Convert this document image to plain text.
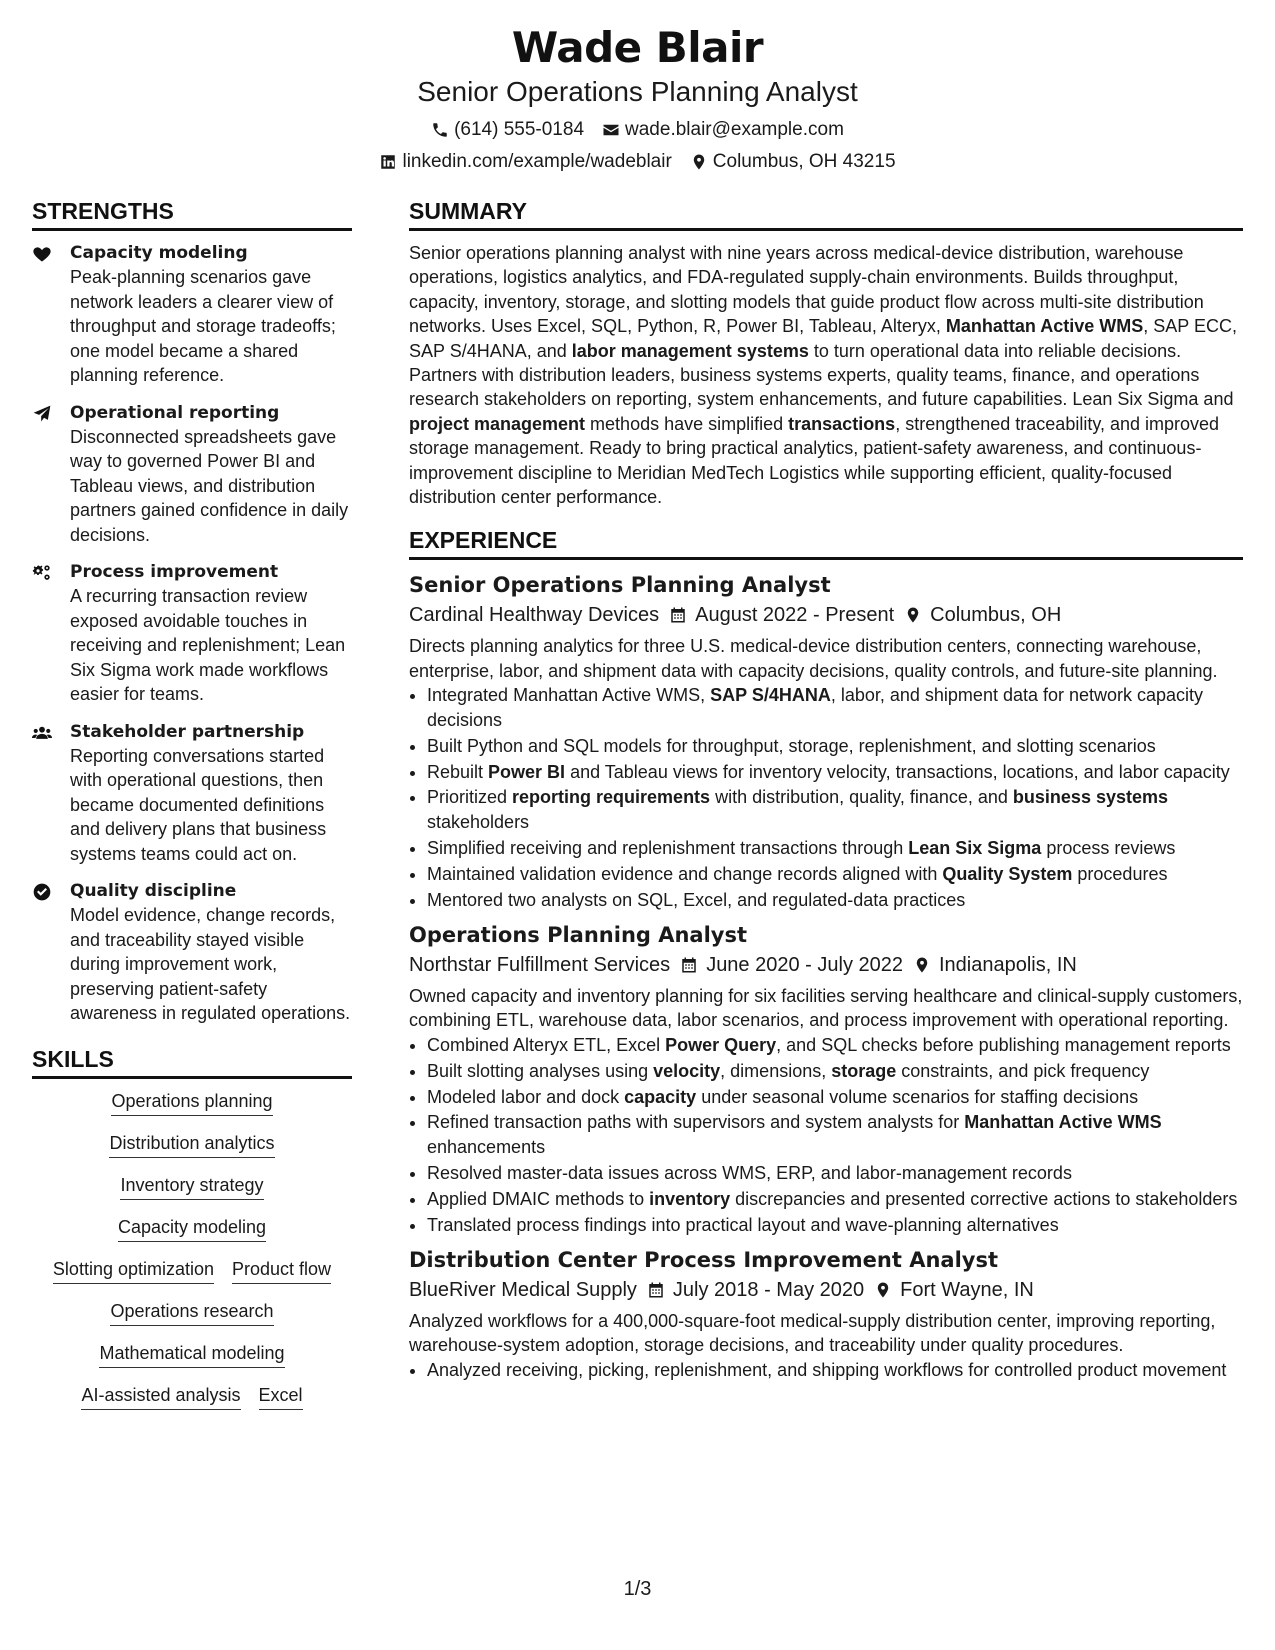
Wade Blair
Senior Operations Planning Analyst
(614) 555-0184 wade.blair@example.com
linkedin.com/example/wadeblair Columbus, OH 43215
STRENGTHS
Capacity modeling
Peak-planning scenarios gave network leaders a clearer view of throughput and storage tradeoffs; one model became a shared planning reference.
Operational reporting
Disconnected spreadsheets gave way to governed Power BI and Tableau views, and distribution partners gained confidence in daily decisions.
Process improvement
A recurring transaction review exposed avoidable touches in receiving and replenishment; Lean Six Sigma work made workflows easier for teams.
Stakeholder partnership
Reporting conversations started with operational questions, then became documented definitions and delivery plans that business systems teams could act on.
Quality discipline
Model evidence, change records, and traceability stayed visible during improvement work, preserving patient-safety awareness in regulated operations.
SKILLS
Operations planning
Distribution analytics
Inventory strategy
Capacity modeling
Slotting optimization Product flow
Operations research
Mathematical modeling
AI-assisted analysis Excel
SUMMARY
Senior operations planning analyst with nine years across medical-device distribution, warehouse operations, logistics analytics, and FDA-regulated supply-chain environments. Builds throughput, capacity, inventory, storage, and slotting models that guide product flow across multi-site distribution networks. Uses Excel, SQL, Python, R, Power BI, Tableau, Alteryx, Manhattan Active WMS, SAP ECC, SAP S/4HANA, and labor management systems to turn operational data into reliable decisions. Partners with distribution leaders, business systems experts, quality teams, finance, and operations research stakeholders on reporting, system enhancements, and future capabilities. Lean Six Sigma and project management methods have simplified transactions, strengthened traceability, and improved storage management. Ready to bring practical analytics, patient-safety awareness, and continuous-improvement discipline to Meridian MedTech Logistics while supporting efficient, quality-focused distribution center performance.
EXPERIENCE
Senior Operations Planning Analyst
Cardinal Healthway Devices August 2022 - Present Columbus, OH
Directs planning analytics for three U.S. medical-device distribution centers, connecting warehouse, enterprise, labor, and shipment data with capacity decisions, quality controls, and future-site planning.
• Integrated Manhattan Active WMS, SAP S/4HANA, labor, and shipment data for network capacity decisions
• Built Python and SQL models for throughput, storage, replenishment, and slotting scenarios
• Rebuilt Power BI and Tableau views for inventory velocity, transactions, locations, and labor capacity
• Prioritized reporting requirements with distribution, quality, finance, and business systems stakeholders
• Simplified receiving and replenishment transactions through Lean Six Sigma process reviews
• Maintained validation evidence and change records aligned with Quality System procedures
• Mentored two analysts on SQL, Excel, and regulated-data practices
Operations Planning Analyst
Northstar Fulfillment Services June 2020 - July 2022 Indianapolis, IN
Owned capacity and inventory planning for six facilities serving healthcare and clinical-supply customers, combining ETL, warehouse data, labor scenarios, and process improvement with operational reporting.
• Combined Alteryx ETL, Excel Power Query, and SQL checks before publishing management reports
• Built slotting analyses using velocity, dimensions, storage constraints, and pick frequency
• Modeled labor and dock capacity under seasonal volume scenarios for staffing decisions
• Refined transaction paths with supervisors and system analysts for Manhattan Active WMS enhancements
• Resolved master-data issues across WMS, ERP, and labor-management records
• Applied DMAIC methods to inventory discrepancies and presented corrective actions to stakeholders
• Translated process findings into practical layout and wave-planning alternatives
Distribution Center Process Improvement Analyst
BlueRiver Medical Supply July 2018 - May 2020 Fort Wayne, IN
Analyzed workflows for a 400,000-square-foot medical-supply distribution center, improving reporting, warehouse-system adoption, storage decisions, and traceability under quality procedures.
• Analyzed receiving, picking, replenishment, and shipping workflows for controlled product movement
1/3
